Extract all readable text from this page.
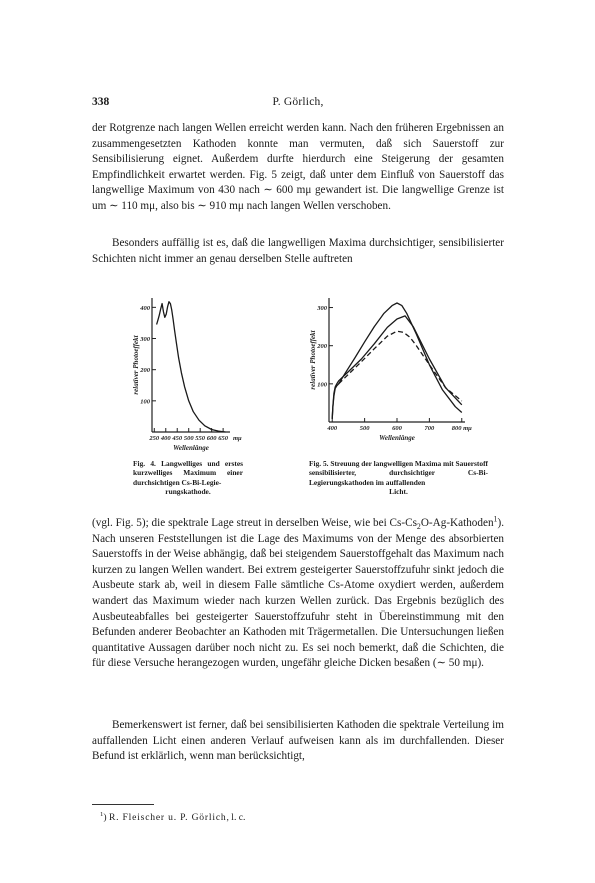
338	P. Görlich,

der Rotgrenze nach langen Wellen erreicht werden kann. Nach den früheren Ergebnissen an zusammengesetzten Kathoden konnte man vermuten, daß sich Sauerstoff zur Sensibilisierung eignet. Außerdem durfte hierdurch eine Steigerung der gesamten Empfindlichkeit erwartet werden. Fig. 5 zeigt, daß unter dem Einfluß von Sauerstoff das langwellige Maximum von 430 nach ∼ 600 mμ gewandert ist. Die langwellige Grenze ist um ∼ 110 mμ, also bis ∼ 910 mμ nach langen Wellen verschoben.

Besonders auffällig ist es, daß die langwelligen Maxima durchsichtiger, sensibilisierter Schichten nicht immer an genau derselben Stelle auftreten

100
200
300
400
250 400 450 500 550 600 650 mμ
Wellenlänge
relativer Photoeffekt	100
200
300
400	500	600	700	800 mμ
Wellenlänge
relativer Photoeffekt

Fig. 4. Langwelliges und erstes kurzwelliges Maximum einer durchsichtigen Cs-Bi-Legie-
rungskathode.

Fig. 5. Streuung der langwelligen Maxima mit Sauerstoff sensibilisierter, durchsichtiger Cs-Bi-Legierungskathoden im auffallenden
Licht.

(vgl. Fig. 5); die spektrale Lage streut in derselben Weise, wie bei $Cs-Cs_2O-Ag-Kathoden^1$). Nach unseren Feststellungen ist die Lage des Maximums von der Menge des absorbierten Sauerstoffs in der Weise abhängig, daß bei steigendem Sauerstoffgehalt das Maximum nach kurzen zu langen Wellen wandert. Bei extrem gesteigerter Sauerstoffzufuhr sinkt jedoch die Ausbeute stark ab, weil in diesem Falle sämtliche Cs-Atome oxydiert werden, außerdem wandert das Maximum wieder nach kurzen Wellen zurück. Das Ergebnis bezüglich des Ausbeuteabfalles bei gesteigerter Sauerstoffzufuhr steht in Übereinstimmung mit den Befunden anderer Beobachter an Kathoden mit Trägermetallen. Die Untersuchungen ließen quantitative Aussagen darüber noch nicht zu. Es sei noch bemerkt, daß die Schichten, die für diese Versuche herangezogen wurden, ungefähr gleiche Dicken besaßen (∼ 50 mμ).

Bemerkenswert ist ferner, daß bei sensibilisierten Kathoden die spektrale Verteilung im auffallenden Licht einen anderen Verlauf aufweisen kann als im durchfallenden. Dieser Befund ist erklärlich, wenn man berücksichtigt,

$^1$) R. Fleischer u. P. Görlich, l. c.
